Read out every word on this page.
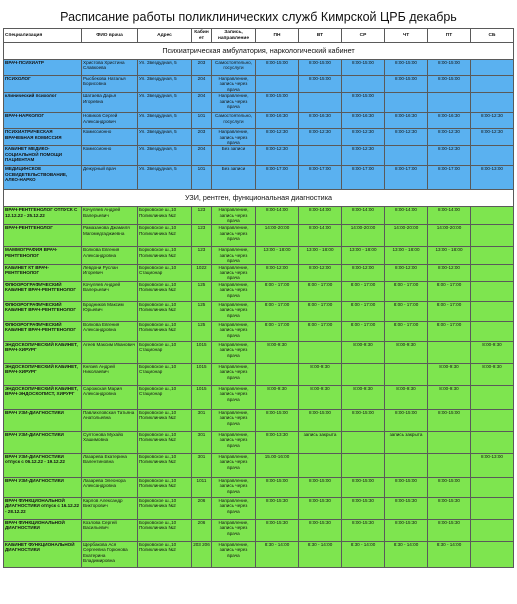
Расписание работы поликлинических служб Кимрской ЦРБ декабрь
Специализация	ФИО врача	Адрес	Кабинет	Запись, направление	ПН	ВТ	СР	ЧТ	ПТ	СБ
Психиатрическая амбулатория, наркологический кабинет										
ВРАЧ-ПСИХИАТР	Христова Христина Славкоева	Ул. Звездудная, 5	203	Самостоятельно, госуслуги	8:00-15:00	8:00-15:00	8:00-15:00	8:00-15:00	8:00-15:00	
ПСИХОЛОГ	Рысбекова Наталья Борисовна	Ул. Звездудная, 5	204	Направление, запись через врача		8:00-15:00		8:00-15:00	8:00-15:00	
клинический психолог	Шатаева Дарья Игоревна	Ул. Звездудная, 5	204	Направление, запись через врача	8:00-15:00		8:00-15:00			
ВРАЧ-НАРКОЛОГ	Новиков Сергей Александрович	Ул. Звездудная, 5	101	Самостоятельно, госуслуги	8:00-16:30	8:00-16:30	8:00-16:30	8:00-16:30	8:00-16:30	8:00-12:30
ПСИХИАТРИЧЕСКАЯ ВРАЧЕБНАЯ КОМИССИЯ	Комиссионно	Ул. Звездудная, 5	203	Направление, запись через врача	8:00-12:30	8:00-12:30	8:00-12:30	8:00-12:30	8:00-12:30	8:00-12:30
КАБИНЕТ МЕДИКО-СОЦИАЛЬНОЙ ПОМОЩИ ПАЦИЕНТАМ	Комиссионно	Ул. Звездудная, 5	204	Без записи	8:00-12:30		8:00-12:30		8:00-12:30	
МЕДИЦИНСКОЕ ОСВИДЕТЕЛЬСТВОВАНИЕ, АЛКО-НАРКО	Дежурный врач	Ул. Звездудная, 5	101	Без записи	8:00-17:00	8:00-17:00	8:00-17:00	8:00-17:00	8:00-17:00	8:00-13:00
УЗИ, рентген, функциональная диагностика										
ВРАЧ-РЕНТГЕНОЛОГ ОТПУСК С 12.12.22 - 25.12.22	Кочуляев Андрей Валерьевич	Борковское ш.,10 Поликлиника №2	123	Направление, запись через врача	8:00-14:00	8:00-14:00	8:00-14:00	8:00-14:00	8:00-14:00	
ВРАЧ-РЕНТГЕНОЛОГ	Рамазанова Джамиля Магомедгаджиевна	Борковское ш.,10 Поликлиника №2	123	Направление, запись через врача	14:00-20:00	8:00-14:00	14:00-20:00	14:00-20:00	14:00-20:00	
МАММОГРАФИЯ ВРАЧ-РЕНТГЕНОЛОГ	Волкова Евгения Александровна	Борковское ш.,10 Поликлиника №2	123	Направление, запись через врача	13:00 - 18:00	13:00 - 18:00	13:00 - 18:00	13:00 - 18:00	13:00 - 18:00	
КАБИНЕТ КТ ВРАЧ-РЕНТГЕНОЛОГ	Левдони Руслан Игоревич	Борковское ш.,10 Стационар	1022	Направление, запись через врача	8:00-12:00	8:00-12:00	8:00-12:00	8:00-12:00	8:00-12:00	
ФЛЮОРОГРАФИЧЕСКИЙ КАБИНЕТ ВРАЧ-РЕНТГЕНОЛОГ	Кочуляев Андрей Валерьевич	Борковское ш.,10 Поликлиника №2	125	Направление, запись через врача	8:00 - 17:00	8:00 - 17:00	8:00 - 17:00	8:00 - 17:00	8:00 - 17:00	
ФЛЮОРОГРАФИЧЕСКИЙ КАБИНЕТ ВРАЧ-РЕНТГЕНОЛОГ	Бродников Максим Юрьевич	Борковское ш.,10 Поликлиника №2	125	Направление, запись через врача	8:00 - 17:00	8:00 - 17:00	8:00 - 17:00	8:00 - 17:00	8:00 - 17:00	
ФЛЮОРОГРАФИЧЕСКИЙ КАБИНЕТ ВРАЧ-РЕНТГЕНОЛОГ	Волкова Евгения Александровна	Борковское ш.,10 Поликлиника №2	125	Направление, запись через врача	8:00 - 17:00	8:00 - 17:00	8:00 - 17:00	8:00 - 17:00	8:00 - 17:00	
ЭНДОСКОПИЧЕСКИЙ КАБИНЕТ, ВРАЧ-ХИРУРГ	Агеев Максим Иванович	Борковское ш.,10 Стационар	1015	Направление, запись через врача	8:00-9:30		8:00-9:30	8:00-9:30		8:00-9:30
ЭНДОСКОПИЧЕСКИЙ КАБИНЕТ, ВРАЧ-ХИРУРГ	Князев Андрей Николаевич	Борковское ш.,10 Стационар	1015	Направление, запись через врача		8:00-9:30			8:00-9:30	8:00-9:30
ЭНДОСКОПИЧЕСКИЙ КАБИНЕТ, ВРАЧ-ЭНДОСКОПИСТ, ХИРУРГ	Сарожская Мария Александровна	Борковское ш.,10 Стационар	1015	Направление, запись через врача	8:00-9:30	8:00-9:30	8:00-9:30	8:00-9:30	8:00-9:30	
ВРАЧ УЗИ-ДИАГНОСТИКИ	Павлихловская Татьяна Анатольевна	Борковское ш.,10 Поликлиника №2	301	Направление, запись через врача	8:00-15:00	8:00-15:00	8:00-15:00	8:00-15:00	8:00-15:00	
ВРАЧ УЗИ-ДИАГНОСТИКИ	Султонова Мухайо Хашимовна	Борковское ш.,10 Поликлиника №2	301	Направление, запись через врача	8:00-13:30	запись закрыта		запись закрыта		
ВРАЧ УЗИ-ДИАГНОСТИКИ отпуск с 06.12.22 - 19.12.22	Лазарева Екатерина Валентиновна	Борковское ш.,10 Поликлиника №2	301	Направление, запись через врача	15.00-16:00					8:00-13:00
ВРАЧ УЗИ-ДИАГНОСТИКИ	Лазарева Элеонора Александровна	Борковское ш.,10 Поликлиника №2	1011	Направление, запись через врача	8:00-15:00	8:00-15:00	8:00-15:00	8:00-15:00	8:00-15:00	
ВРАЧ ФУНКЦИОНАЛЬНОЙ ДИАГНОСТИКИ отпуск с 16.12.22 - 28.12.22	Карлов Александр Викторович	Борковское ш.,10 Поликлиника №2	206	Направление, запись через врача	8:00-15:30	8:00-15:30	8:00-15:30	8:00-15:30	8:00-15:30	
ВРАЧ ФУНКЦИОНАЛЬНОЙ ДИАГНОСТИКИ	Козлова Сергей Васильевич	Борковское ш.,10 Поликлиника №2	206	Направление, запись через врача	8:00-15:30	8:00-15:30	8:00-15:30	8:00-15:30	8:00-15:30	
КАБИНЕТ ФУНКЦИОНАЛЬНОЙ ДИАГНОСТИКИ	Щербакова Ася Сергеевна Горюнова Екатерина Владимировна	Борковское ш.,10 Поликлиника №2	203 206	Направление, запись через врача	8:30 - 14:00	8:30 - 14:00	8:30 - 14:00	8:30 - 14:00	8:30 - 14:00	
